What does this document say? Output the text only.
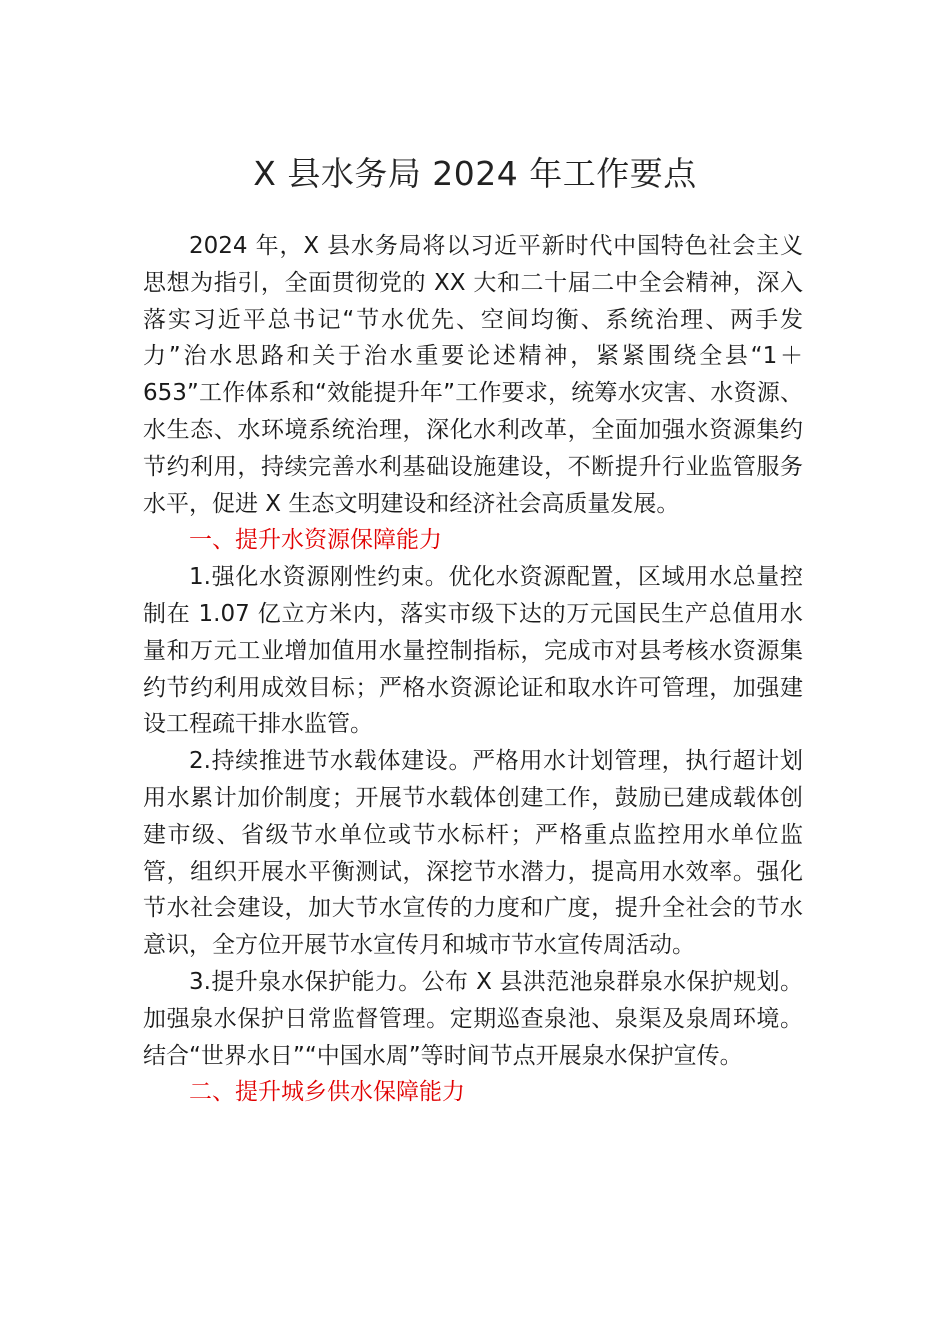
X 县水务局 2024 年工作要点

2024 年，X 县水务局将以习近平新时代中国特色社会主义思想为指引，全面贯彻党的 XX 大和二十届二中全会精神，深入落实习近平总书记“节水优先、空间均衡、系统治理、两手发力”治水思路和关于治水重要论述精神，紧紧围绕全县“1＋653”工作体系和“效能提升年”工作要求，统筹水灾害、水资源、水生态、水环境系统治理，深化水利改革，全面加强水资源集约节约利用，持续完善水利基础设施建设，不断提升行业监管服务水平，促进 X 生态文明建设和经济社会高质量发展。

一、提升水资源保障能力

1.强化水资源刚性约束。优化水资源配置，区域用水总量控制在 1.07 亿立方米内，落实市级下达的万元国民生产总值用水量和万元工业增加值用水量控制指标，完成市对县考核水资源集约节约利用成效目标；严格水资源论证和取水许可管理，加强建设工程疏干排水监管。

2.持续推进节水载体建设。严格用水计划管理，执行超计划用水累计加价制度；开展节水载体创建工作，鼓励已建成载体创建市级、省级节水单位或节水标杆；严格重点监控用水单位监管，组织开展水平衡测试，深挖节水潜力，提高用水效率。强化节水社会建设，加大节水宣传的力度和广度，提升全社会的节水意识，全方位开展节水宣传月和城市节水宣传周活动。

3.提升泉水保护能力。公布 X 县洪范池泉群泉水保护规划。加强泉水保护日常监督管理。定期巡查泉池、泉渠及泉周环境。结合“世界水日”“中国水周”等时间节点开展泉水保护宣传。

二、提升城乡供水保障能力
